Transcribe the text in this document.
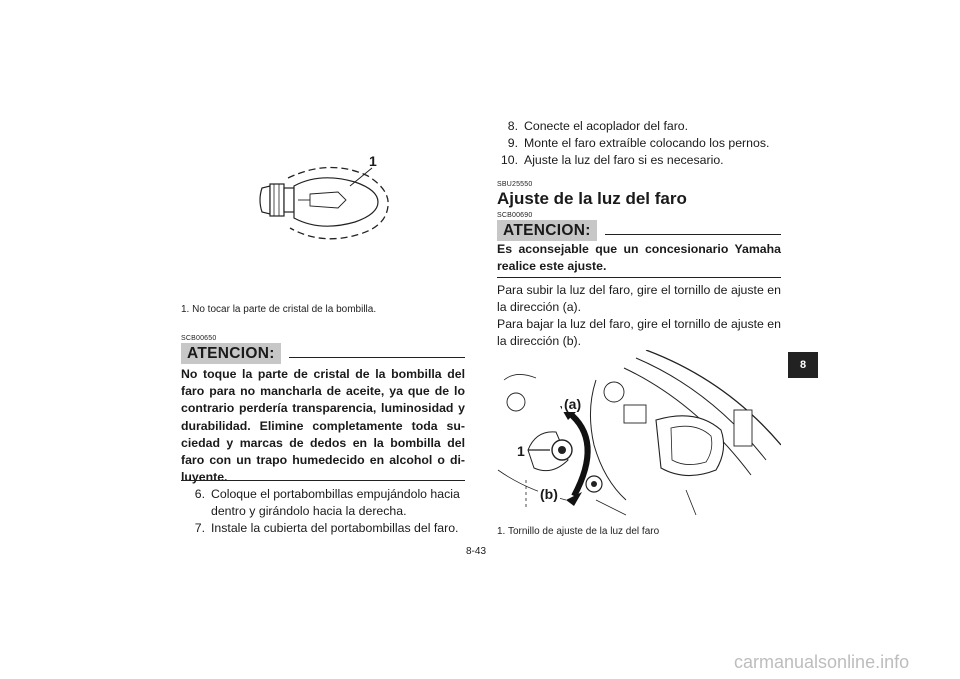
1
1. No tocar la parte de cristal de la bombilla.
SCB00650
ATENCION:
No toque la parte de cristal de la bombilla del faro para no mancharla de aceite, ya que de lo contrario perdería transparencia, luminosidad y durabilidad. Elimine completamente toda su-ciedad y marcas de dedos en la bombilla del faro con un trapo humedecido en alcohol o di-luyente.
6. Coloque el portabombillas empujándolo hacia dentro y girándolo hacia la derecha.
7. Instale la cubierta del portabombillas del faro.
8. Conecte el acoplador del faro.
9. Monte el faro extraíble colocando los pernos.
10. Ajuste la luz del faro si es necesario.
SBU25550
Ajuste de la luz del faro
SCB00690
ATENCION:
Es aconsejable que un concesionario Yamaha realice este ajuste.
Para subir la luz del faro, gire el tornillo de ajuste en la dirección (a).
Para bajar la luz del faro, gire el tornillo de ajuste en la dirección (b).
(a)
(b)
1
1. Tornillo de ajuste de la luz del faro
8
8-43
carmanualsonline.info
